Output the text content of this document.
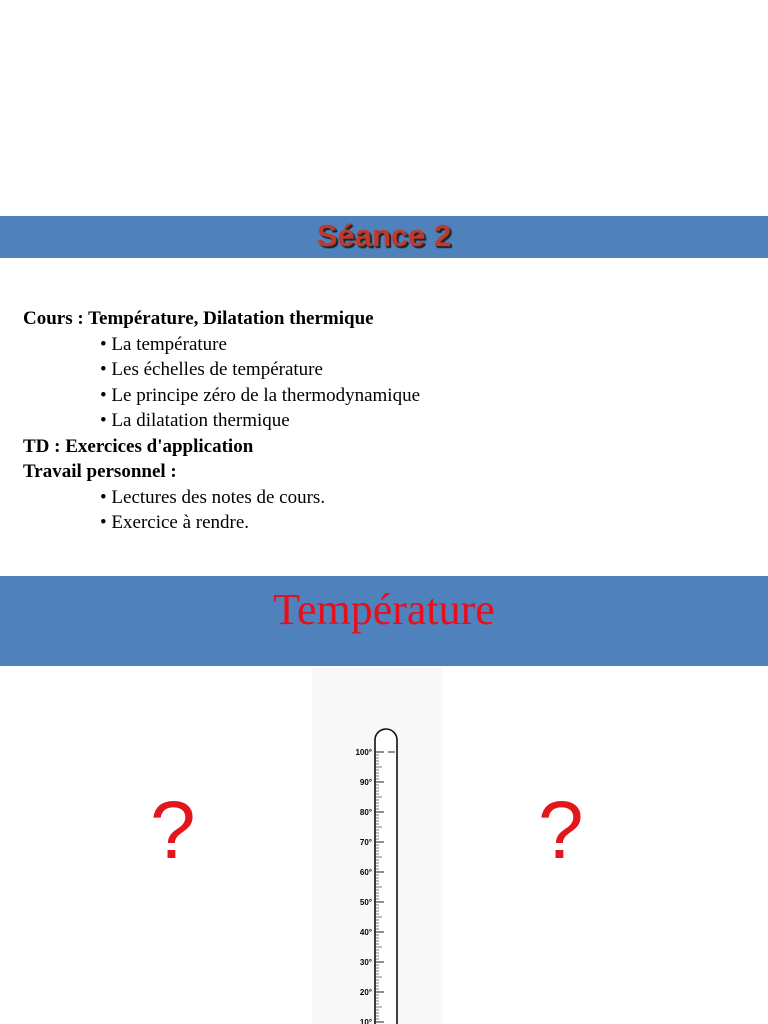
Séance 2
Cours : Température, Dilatation thermique
• La température
• Les échelles de température
• Le principe zéro de la thermodynamique
• La dilatation thermique
TD : Exercices d'application
Travail personnel :
• Lectures des notes de cours.
• Exercice à rendre.
Température
?	?
100°
90°
80°
70°
60°
50°
40°
30°
20°
10°
